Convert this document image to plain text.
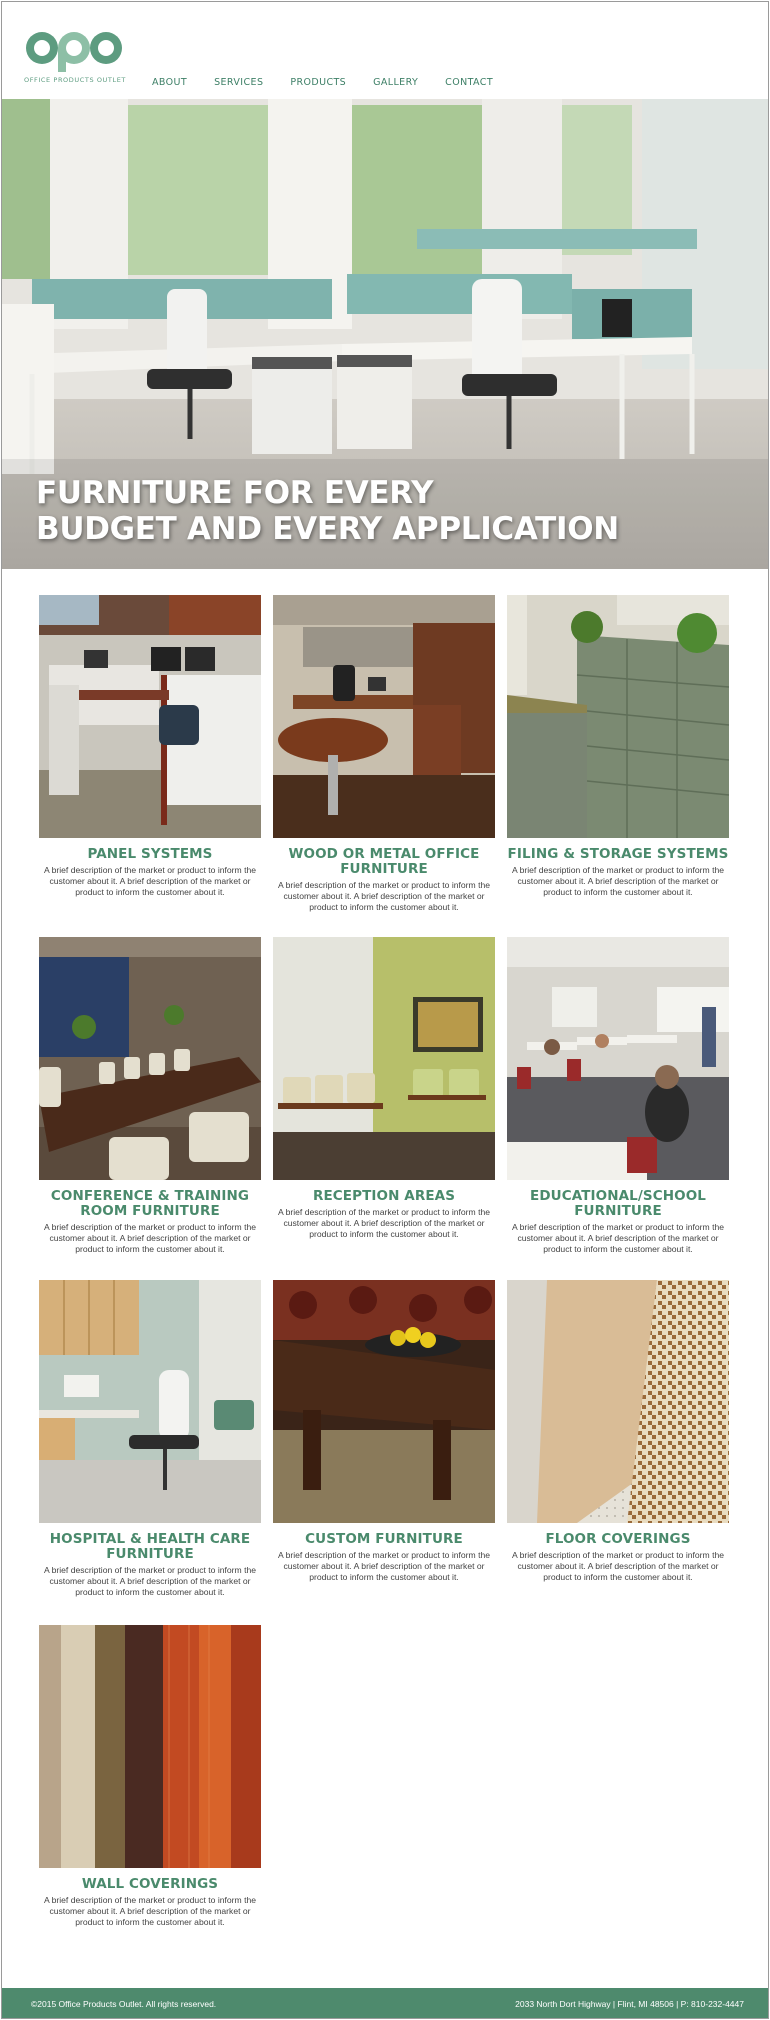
OFFICE PRODUCTS OUTLET	ABOUT	SERVICES	PRODUCTS	GALLERY	CONTACT
FURNITURE FOR EVERY
BUDGET AND EVERY APPLICATION
PANEL SYSTEMS
A brief description of the market or product to inform the customer about it. A brief description of the market or product to inform the customer about it.
WOOD OR METAL OFFICE FURNITURE
A brief description of the market or product to inform the customer about it. A brief description of the market or product to inform the customer about it.
FILING & STORAGE SYSTEMS
A brief description of the market or product to inform the customer about it. A brief description of the market or product to inform the customer about it.
CONFERENCE & TRAINING ROOM FURNITURE
A brief description of the market or product to inform the customer about it. A brief description of the market or product to inform the customer about it.
RECEPTION AREAS
A brief description of the market or product to inform the customer about it. A brief description of the market or product to inform the customer about it.
EDUCATIONAL/SCHOOL FURNITURE
A brief description of the market or product to inform the customer about it. A brief description of the market or product to inform the customer about it.
HOSPITAL & HEALTH CARE FURNITURE
A brief description of the market or product to inform the customer about it. A brief description of the market or product to inform the customer about it.
CUSTOM FURNITURE
A brief description of the market or product to inform the customer about it. A brief description of the market or product to inform the customer about it.
FLOOR COVERINGS
A brief description of the market or product to inform the customer about it. A brief description of the market or product to inform the customer about it.
WALL COVERINGS
A brief description of the market or product to inform the customer about it. A brief description of the market or product to inform the customer about it.
©2015 Office Products Outlet. All rights reserved.	2033 North Dort Highway | Flint, MI 48506 | P: 810-232-4447
